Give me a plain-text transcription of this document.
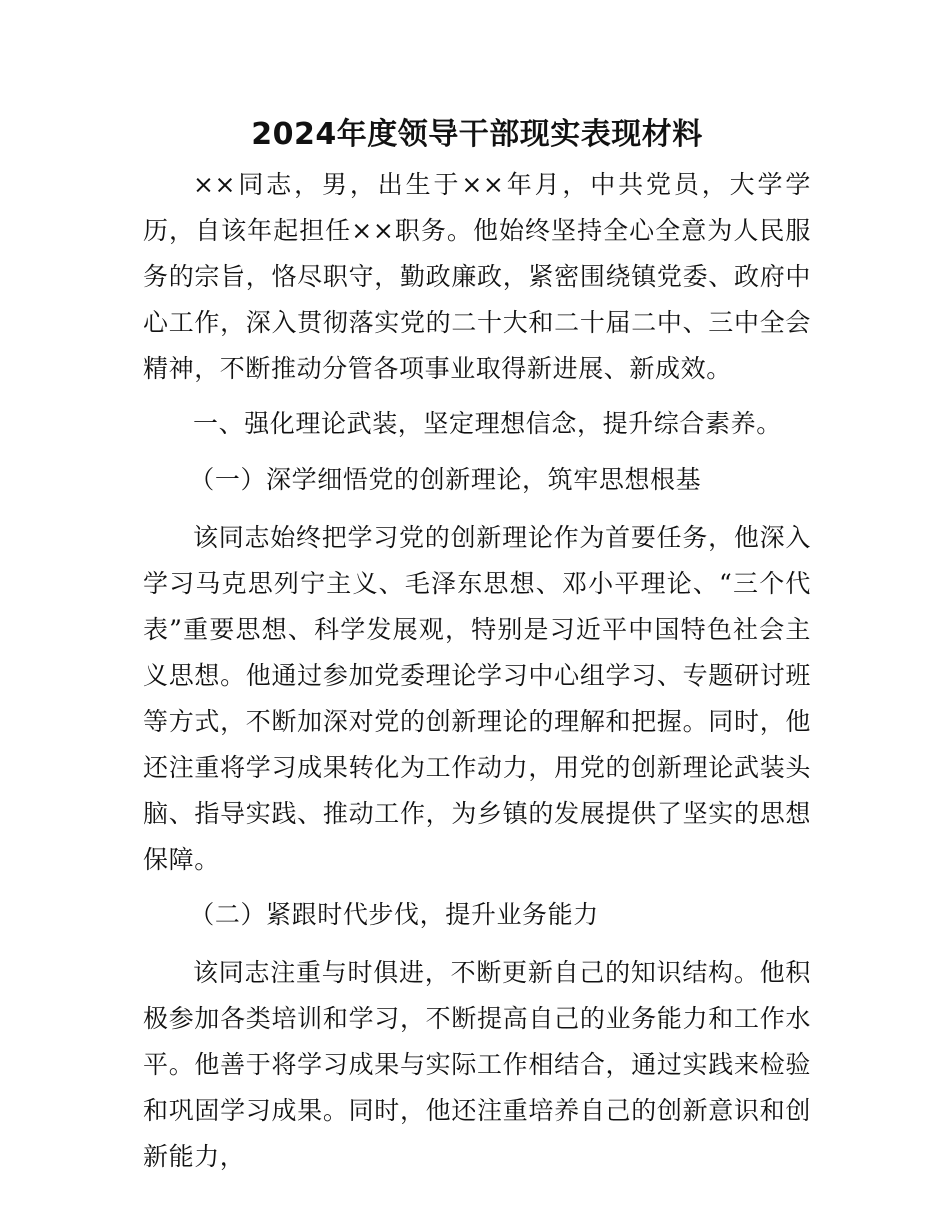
2024年度领导干部现实表现材料

××同志，男，出生于××年月，中共党员，大学学历，自该年起担任××职务。他始终坚持全心全意为人民服务的宗旨，恪尽职守，勤政廉政，紧密围绕镇党委、政府中心工作，深入贯彻落实党的二十大和二十届二中、三中全会精神，不断推动分管各项事业取得新进展、新成效。

一、强化理论武装，坚定理想信念，提升综合素养。

（一）深学细悟党的创新理论，筑牢思想根基

该同志始终把学习党的创新理论作为首要任务，他深入学习马克思列宁主义、毛泽东思想、邓小平理论、“三个代表”重要思想、科学发展观，特别是习近平中国特色社会主义思想。他通过参加党委理论学习中心组学习、专题研讨班等方式，不断加深对党的创新理论的理解和把握。同时，他还注重将学习成果转化为工作动力，用党的创新理论武装头脑、指导实践、推动工作，为乡镇的发展提供了坚实的思想保障。

（二）紧跟时代步伐，提升业务能力

该同志注重与时俱进，不断更新自己的知识结构。他积极参加各类培训和学习，不断提高自己的业务能力和工作水平。他善于将学习成果与实际工作相结合，通过实践来检验和巩固学习成果。同时，他还注重培养自己的创新意识和创新能力，
